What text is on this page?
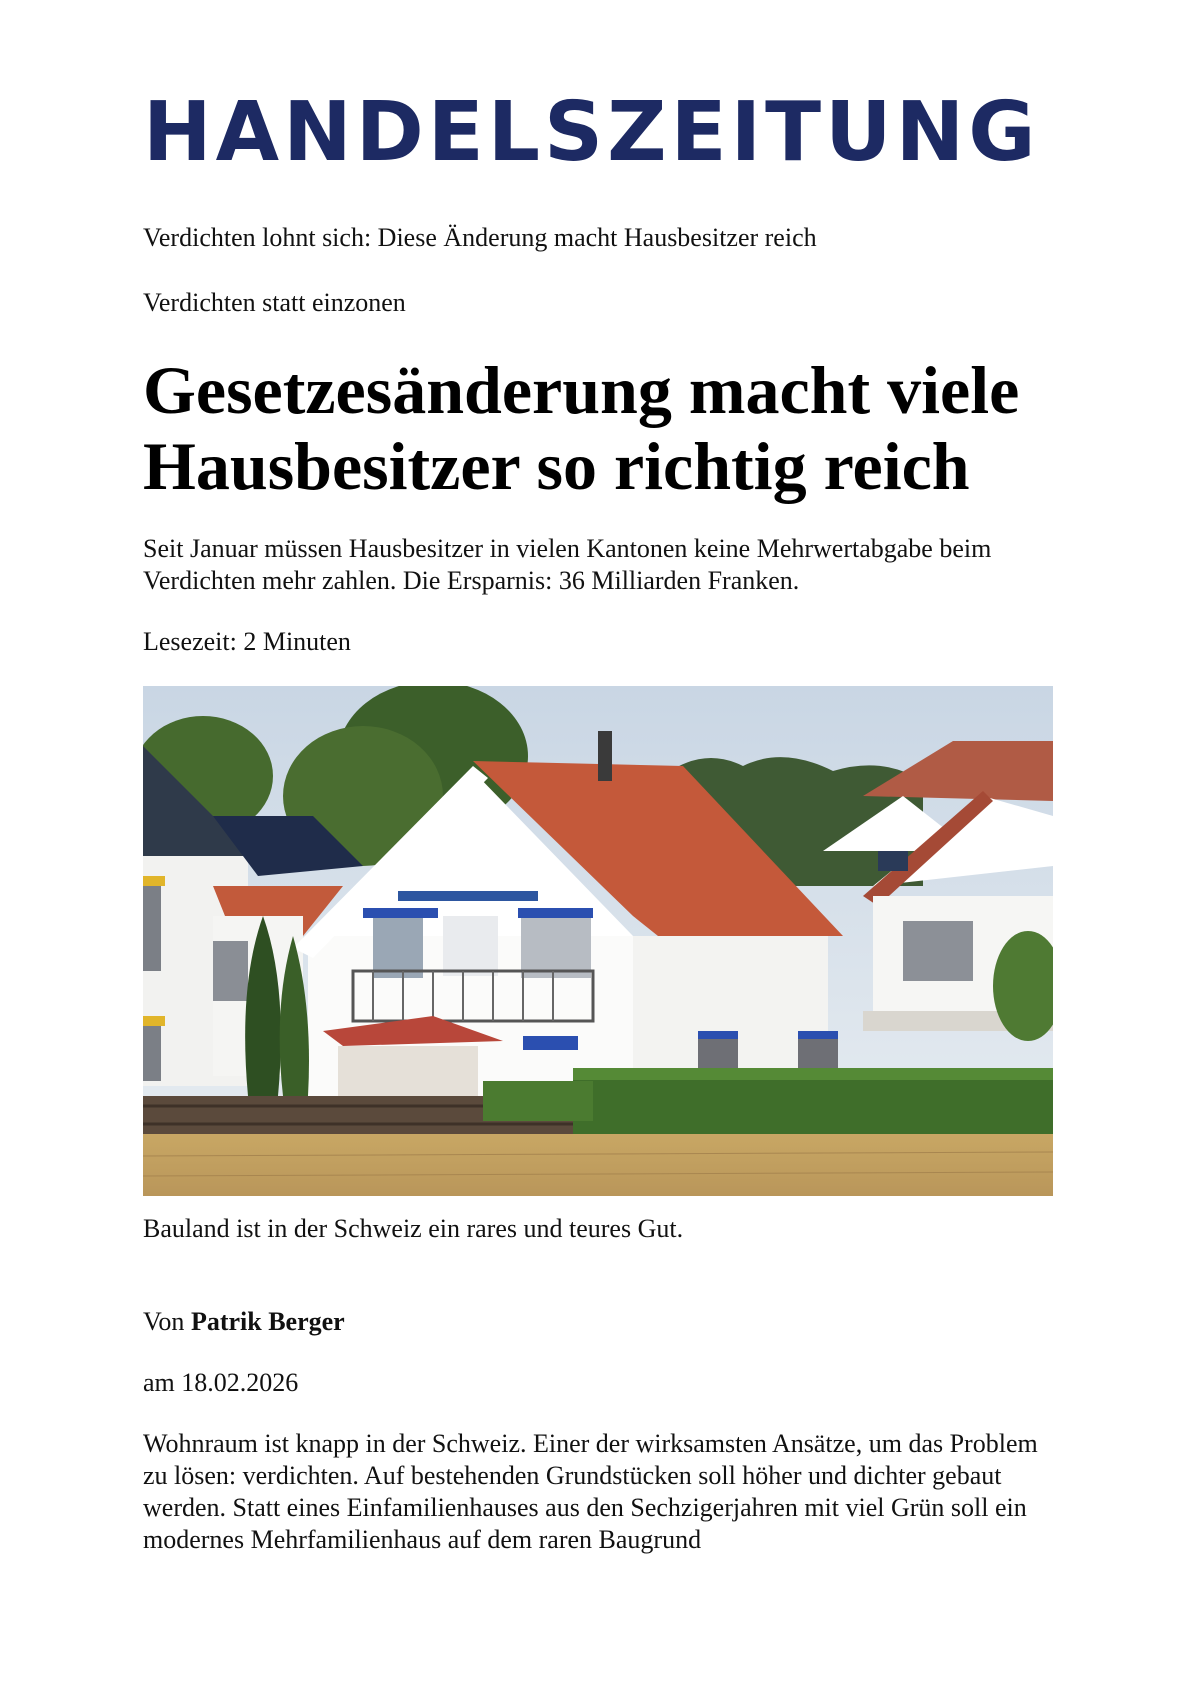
HANDELSZEITUNG

Verdichten lohnt sich: Diese Änderung macht Hausbesitzer reich

Verdichten statt einzonen

Gesetzesänderung macht viele Hausbesitzer so richtig reich

Seit Januar müssen Hausbesitzer in vielen Kantonen keine Mehrwertabgabe beim Verdichten mehr zahlen. Die Ersparnis: 36 Milliarden Franken.

Lesezeit: 2 Minuten

Bauland ist in der Schweiz ein rares und teures Gut.

Von Patrik Berger

am 18.02.2026

Wohnraum ist knapp in der Schweiz. Einer der wirksamsten Ansätze, um das Problem zu lösen: verdichten. Auf bestehenden Grundstücken soll höher und dichter gebaut werden. Statt eines Einfamilienhauses aus den Sechzigerjahren mit viel Grün soll ein modernes Mehrfamilienhaus auf dem raren Baugrund
